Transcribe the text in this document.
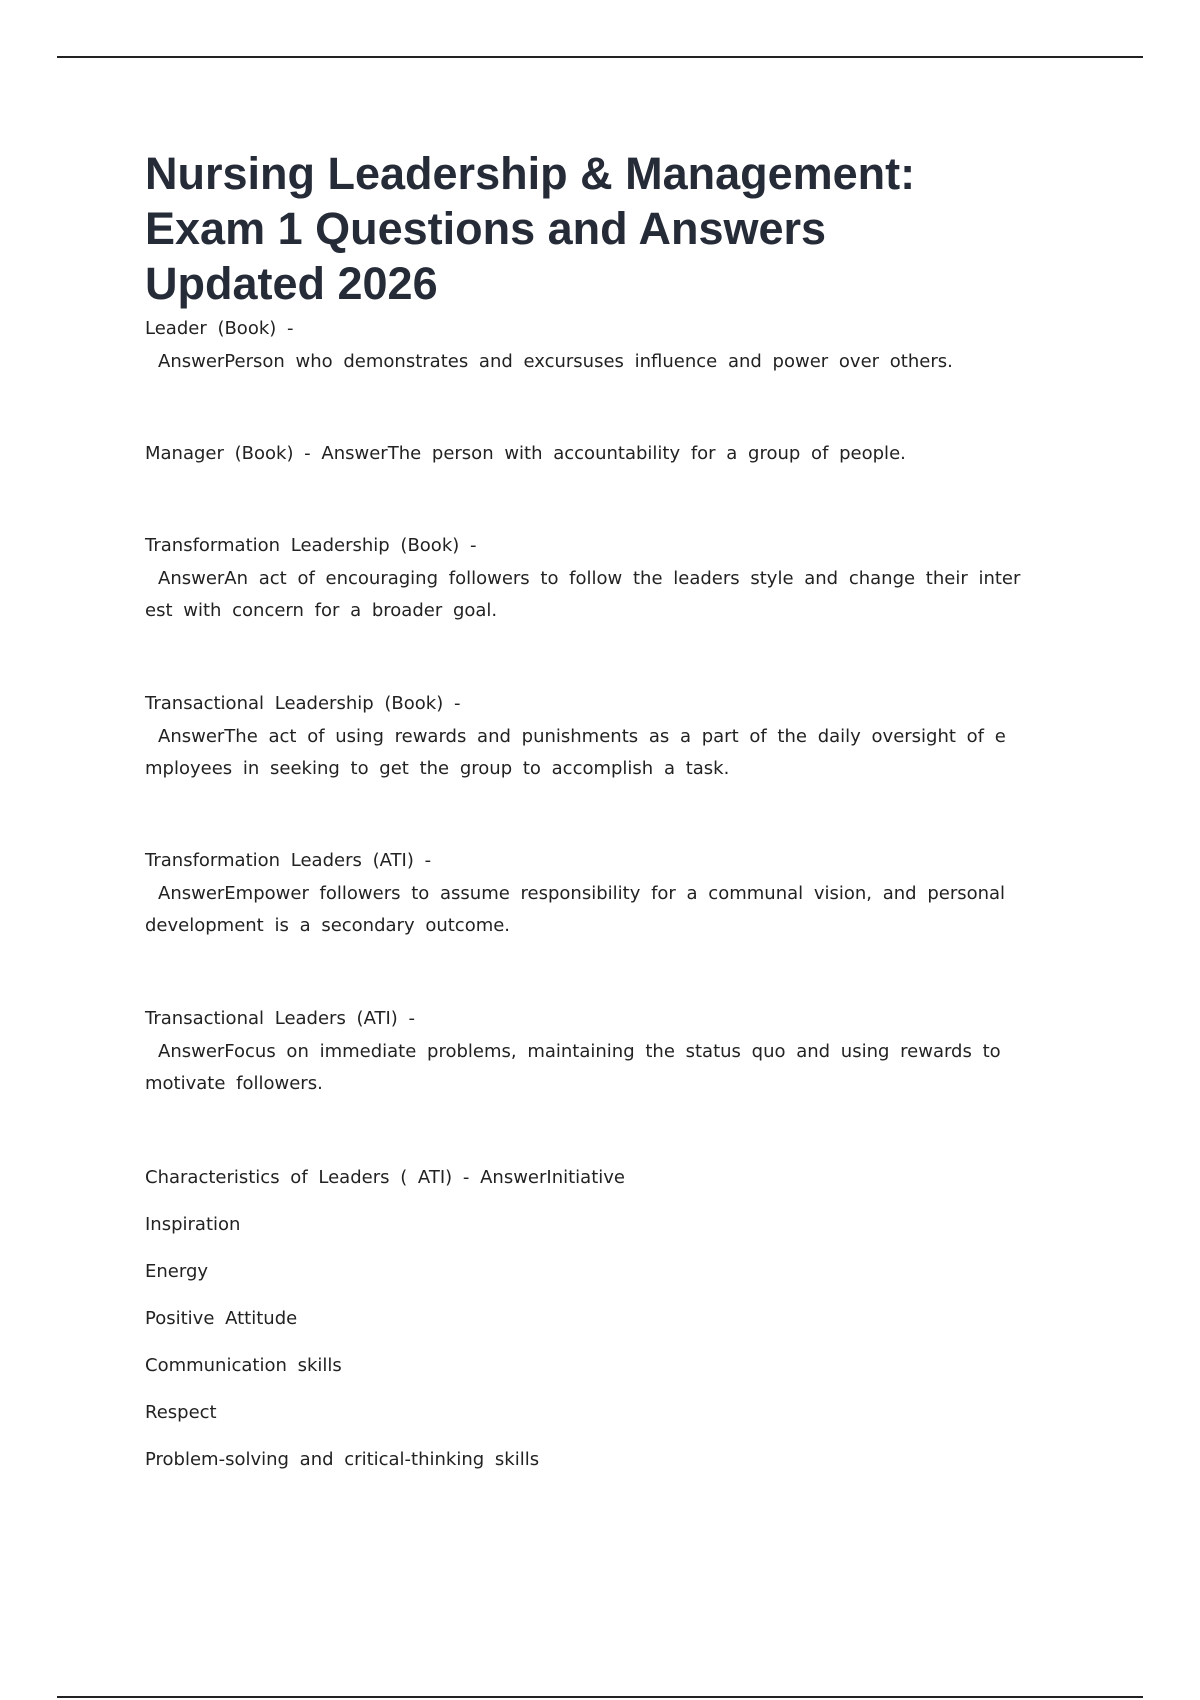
Nursing Leadership & Management:
Exam 1 Questions and Answers
Updated 2026
Leader (Book) -
AnswerPerson who demonstrates and excursuses influence and power over others.
Manager (Book) - AnswerThe person with accountability for a group of people.
Transformation Leadership (Book) -
AnswerAn act of encouraging followers to follow the leaders style and change their inter
est with concern for a broader goal.
Transactional Leadership (Book) -
AnswerThe act of using rewards and punishments as a part of the daily oversight of e
mployees in seeking to get the group to accomplish a task.
Transformation Leaders (ATI) -
AnswerEmpower followers to assume responsibility for a communal vision, and personal
development is a secondary outcome.
Transactional Leaders (ATI) -
AnswerFocus on immediate problems, maintaining the status quo and using rewards to
motivate followers.
Characteristics of Leaders ( ATI) - AnswerInitiative
Inspiration
Energy
Positive Attitude
Communication skills
Respect
Problem-solving and critical-thinking skills
